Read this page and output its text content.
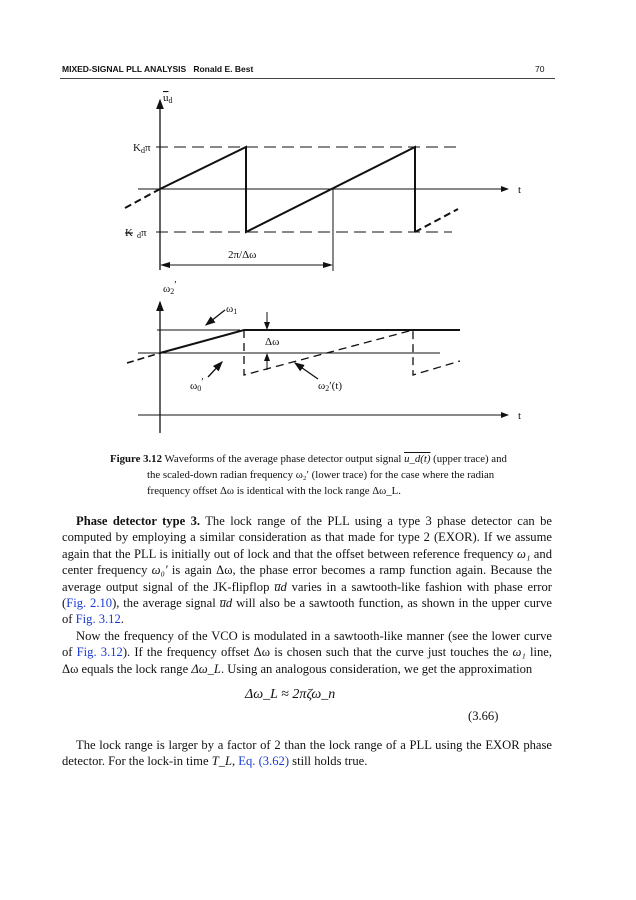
MIXED-SIGNAL PLL ANALYSIS Ronald E. Best	70
ud
Kdπ
K dπ
t
2π/Δω
ω2′
ω1
ω0′
Δω
ω2′(t)
t
Figure 3.12 Waveforms of the average phase detector output signal u_d(t) (upper trace) and
the scaled-down radian frequency ω₂′ (lower trace) for the case where the radian
frequency offset Δω is identical with the lock range Δω_L.
Phase detector type 3. The lock range of the PLL using a type 3 phase detector can be computed by employing a similar consideration as that made for type 2 (EXOR). If we assume again that the PLL is initially out of lock and that the offset between reference frequency ω₁ and center frequency ω₀′ is again Δω, the phase error becomes a ramp function again. Because the average output signal of the JK-flipflop u̅d varies in a sawtooth-like fashion with phase error (Fig. 2.10), the average signal u̅d will also be a sawtooth function, as shown in the upper curve of Fig. 3.12.
Now the frequency of the VCO is modulated in a sawtooth-like manner (see the lower curve of Fig. 3.12). If the frequency offset Δω is chosen such that the curve just touches the ω₁ line, Δω equals the lock range Δω_L. Using an analogous consideration, we get the approximation
Δω_L ≈ 2πζω_n
(3.66)
The lock range is larger by a factor of 2 than the lock range of a PLL using the EXOR phase detector. For the lock-in time T_L, Eq. (3.62) still holds true.
